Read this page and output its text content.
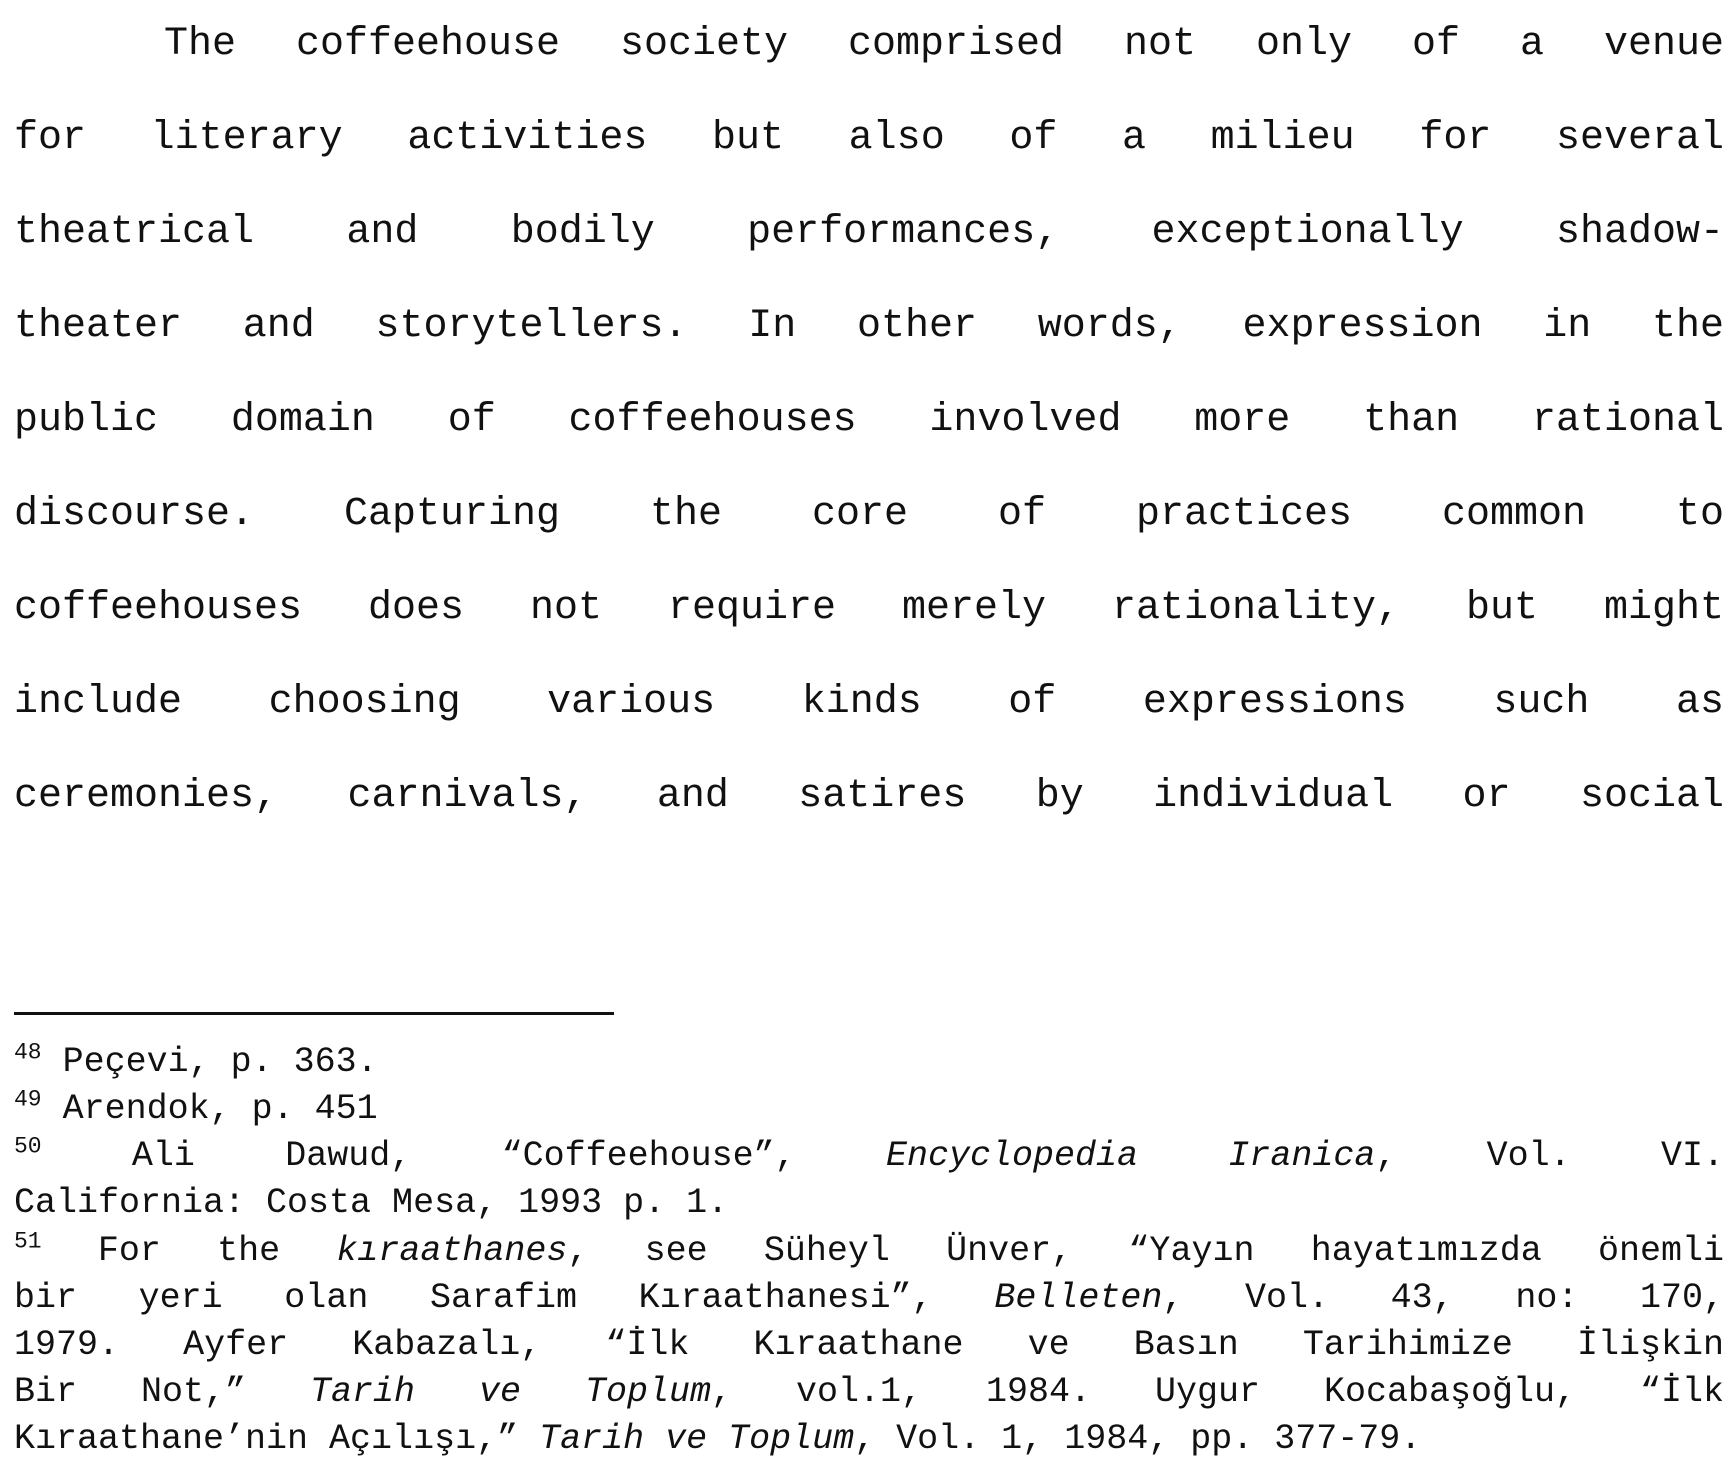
The coffeehouse society comprised not only of a venue
for literary activities but also of a milieu for several
theatrical and bodily performances, exceptionally shadow-
theater and storytellers. In other words, expression in the
public domain of coffeehouses involved more than rational
discourse. Capturing the core of practices common to
coffeehouses does not require merely rationality, but might
include choosing various kinds of expressions such as
ceremonies, carnivals, and satires by individual or social
$^{48}$ Peçevi, p. 363.
$^{49}$ Arendok, p. 451
$^{50}$ Ali Dawud, “Coffeehouse”, Encyclopedia Iranica, Vol. VI.
California: Costa Mesa, 1993 p. 1.
$^{51}$ For the kıraathanes, see Süheyl Ünver, “Yayın hayatımızda önemli
bir yeri olan Sarafim Kıraathanesi”, Belleten, Vol. 43, no: 170,
1979. Ayfer Kabazalı, “İlk Kıraathane ve Basın Tarihimize İlişkin
Bir Not,” Tarih ve Toplum, vol.1, 1984. Uygur Kocabaşoğlu, “İlk
Kıraathane’nin Açılışı,” Tarih ve Toplum, Vol. 1, 1984, pp. 377-79.
